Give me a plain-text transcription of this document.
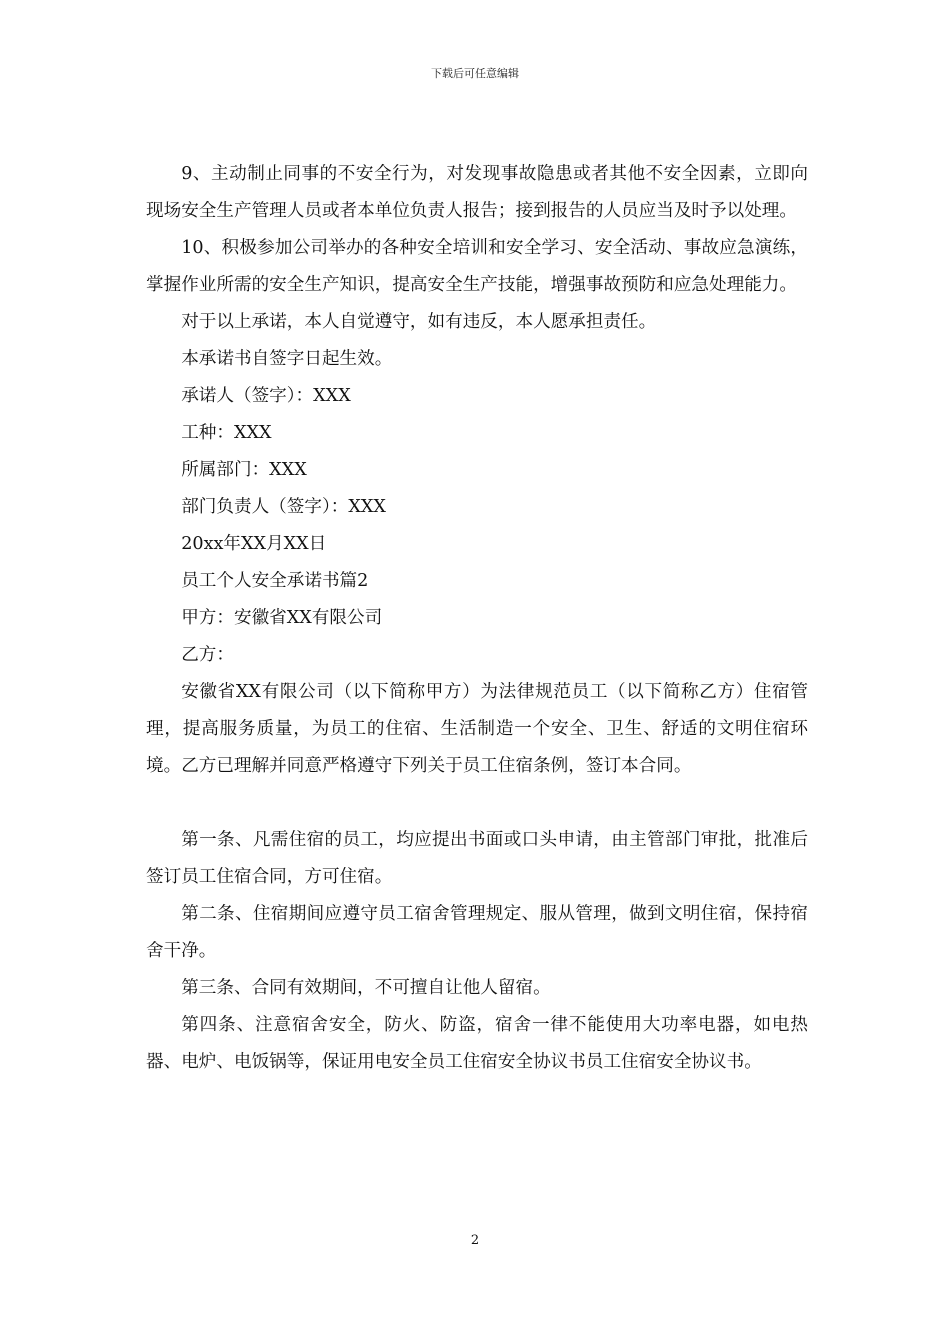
下载后可任意编辑

9、主动制止同事的不安全行为，对发现事故隐患或者其他不安全因素，立即向现场安全生产管理人员或者本单位负责人报告；接到报告的人员应当及时予以处理。

10、积极参加公司举办的各种安全培训和安全学习、安全活动、事故应急演练，掌握作业所需的安全生产知识，提高安全生产技能，增强事故预防和应急处理能力。

对于以上承诺，本人自觉遵守，如有违反，本人愿承担责任。

本承诺书自签字日起生效。

承诺人（签字）：XXX

工种：XXX

所属部门：XXX

部门负责人（签字）：XXX

20xx年XX月XX日

员工个人安全承诺书篇2

甲方：安徽省XX有限公司

乙方：

安徽省XX有限公司（以下简称甲方）为法律规范员工（以下简称乙方）住宿管理，提高服务质量，为员工的住宿、生活制造一个安全、卫生、舒适的文明住宿环境。乙方已理解并同意严格遵守下列关于员工住宿条例，签订本合同。

第一条、凡需住宿的员工，均应提出书面或口头申请，由主管部门审批，批准后签订员工住宿合同，方可住宿。

第二条、住宿期间应遵守员工宿舍管理规定、服从管理，做到文明住宿，保持宿舍干净。

第三条、合同有效期间，不可擅自让他人留宿。

第四条、注意宿舍安全，防火、防盗，宿舍一律不能使用大功率电器，如电热器、电炉、电饭锅等，保证用电安全员工住宿安全协议书员工住宿安全协议书。

2
